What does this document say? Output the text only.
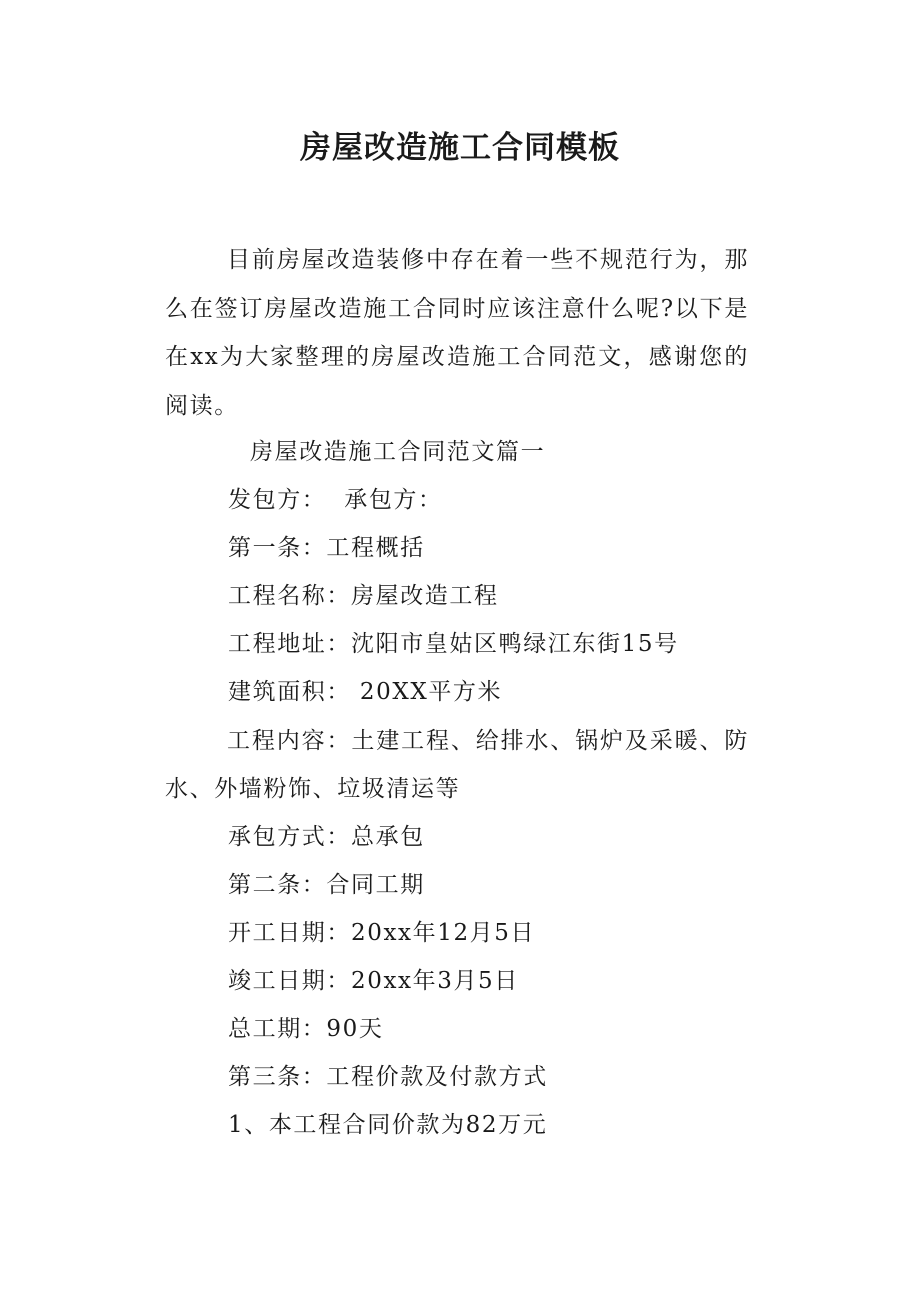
房屋改造施工合同模板

目前房屋改造装修中存在着一些不规范行为，那么在签订房屋改造施工合同时应该注意什么呢?以下是在xx为大家整理的房屋改造施工合同范文，感谢您的阅读。

房屋改造施工合同范文篇一

发包方：  承包方：

第一条：工程概括

工程名称：房屋改造工程

工程地址：沈阳市皇姑区鸭绿江东街15号

建筑面积： 20XX平方米

工程内容：土建工程、给排水、锅炉及采暖、防水、外墙粉饰、垃圾清运等

承包方式：总承包

第二条：合同工期

开工日期：20xx年12月5日

竣工日期：20xx年3月5日

总工期：90天

第三条：工程价款及付款方式

1、本工程合同价款为82万元
